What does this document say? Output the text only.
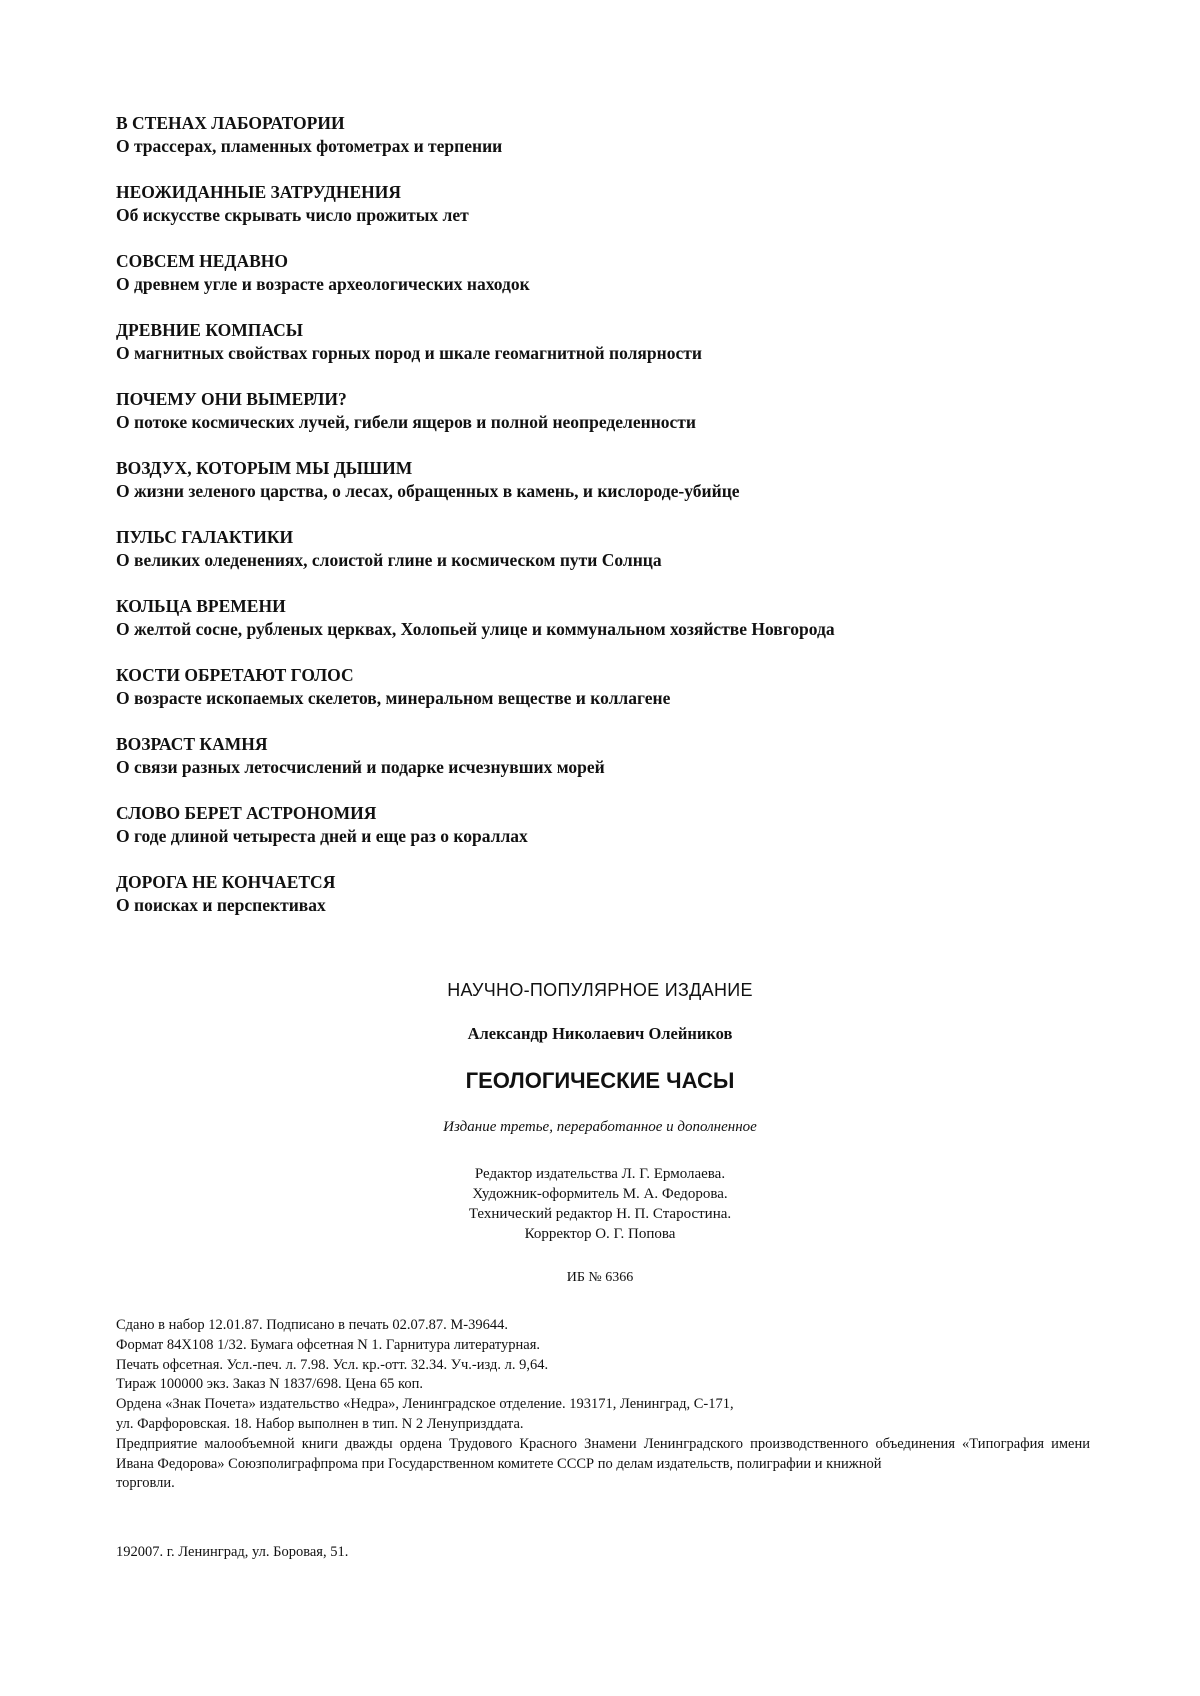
В СТЕНАХ ЛАБОРАТОРИИ
О трассерах, пламенных фотометрах и терпении
НЕОЖИДАННЫЕ ЗАТРУДНЕНИЯ
Об искусстве скрывать число прожитых лет
СОВСЕМ НЕДАВНО
О древнем угле и возрасте археологических находок
ДРЕВНИЕ КОМПАСЫ
О магнитных свойствах горных пород и шкале геомагнитной полярности
ПОЧЕМУ ОНИ ВЫМЕРЛИ?
О потоке космических лучей, гибели ящеров и полной неопределенности
ВОЗДУХ, КОТОРЫМ МЫ ДЫШИМ
О жизни зеленого царства, о лесах, обращенных в камень, и кислороде-убийце
ПУЛЬС ГАЛАКТИКИ
О великих оледенениях, слоистой глине и космическом пути Солнца
КОЛЬЦА ВРЕМЕНИ
О желтой сосне, рубленых церквах, Холопьей улице и коммунальном хозяйстве Новгорода
КОСТИ ОБРЕТАЮТ ГОЛОС
О возрасте ископаемых скелетов, минеральном веществе и коллагене
ВОЗРАСТ КАМНЯ
О связи разных летосчислений и подарке исчезнувших морей
СЛОВО БЕРЕТ АСТРОНОМИЯ
О годе длиной четыреста дней и еще раз о кораллах
ДОРОГА НЕ КОНЧАЕТСЯ
О поисках и перспективах
НАУЧНО-ПОПУЛЯРНОЕ ИЗДАНИЕ
Александр Николаевич Олейников
ГЕОЛОГИЧЕСКИЕ ЧАСЫ
Издание третье, переработанное и дополненное
Редактор издательства Л. Г. Ермолаева.
Художник-оформитель М. А. Федорова.
Технический редактор Н. П. Старостина.
Корректор О. Г. Попова
ИБ № 6366
Сдано в набор 12.01.87. Подписано в печать 02.07.87. М-39644.
Формат 84X108 1/32. Бумага офсетная N 1. Гарнитура литературная.
Печать офсетная. Усл.-печ. л. 7.98. Усл. кр.-отт. 32.34. Уч.-изд. л. 9,64.
Тираж 100000 экз. Заказ N 1837/698. Цена 65 коп.
Ордена «Знак Почета» издательство «Недра», Ленинградское отделение. 193171, Ленинград, С-171,
ул. Фарфоровская. 18. Набор выполнен в тип. N 2 Ленупризддата.
Предприятие малообъемной книги дважды ордена Трудового Красного Знамени Ленинградского производственного объединения «Типография имени Ивана Федорова» Союзполиграфпрома при Государственном комитете СССР по делам издательств, полиграфии и книжной
торговли.
192007. г. Ленинград, ул. Боровая, 51.
